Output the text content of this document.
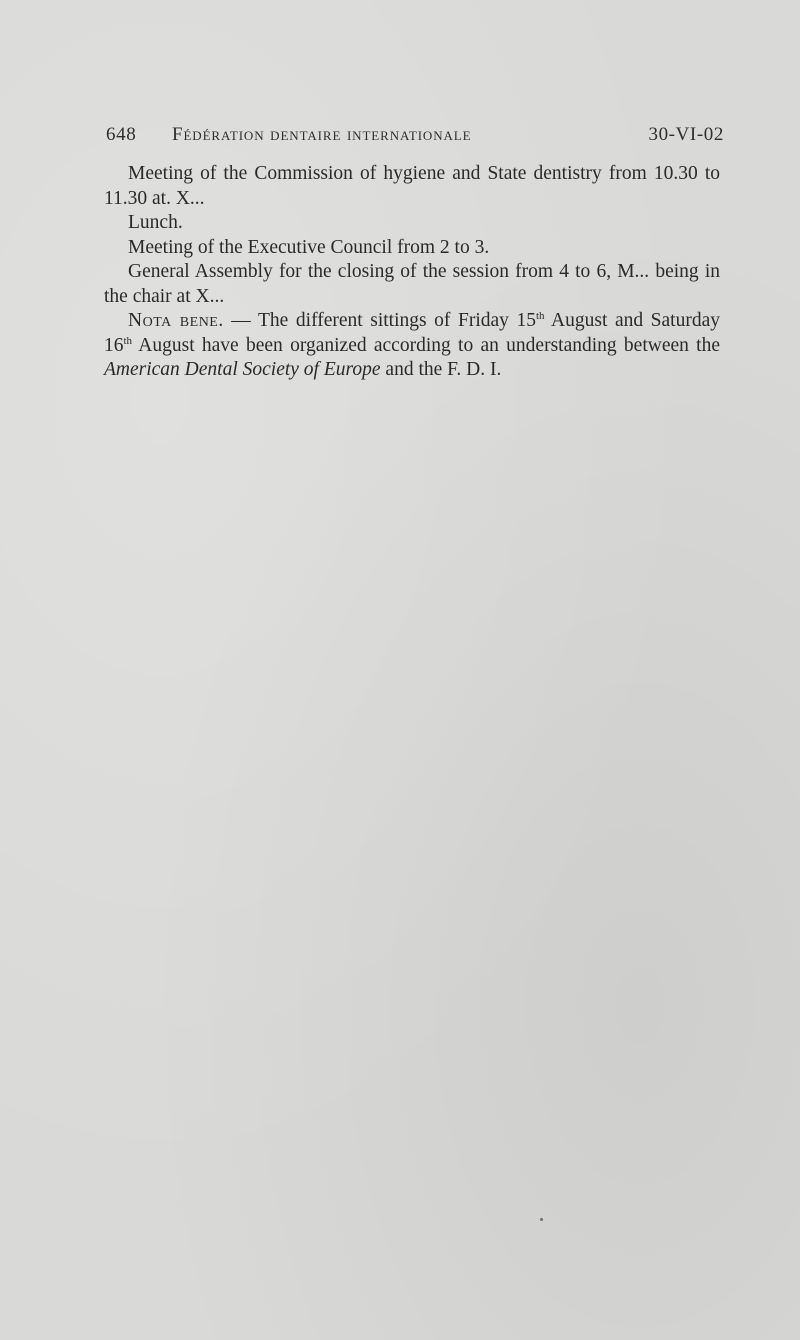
648 Fédération dentaire internationale	30-VI-02

Meeting of the Commission of hygiene and State dentistry from 10.30 to 11.30 at. X...

Lunch.

Meeting of the Executive Council from 2 to 3.

General Assembly for the closing of the session from 4 to 6, M... being in the chair at X...

Nota bene. — The different sittings of Friday 15th August and Saturday 16th August have been organized according to an understanding between the American Dental Society of Europe and the F. D. I.
